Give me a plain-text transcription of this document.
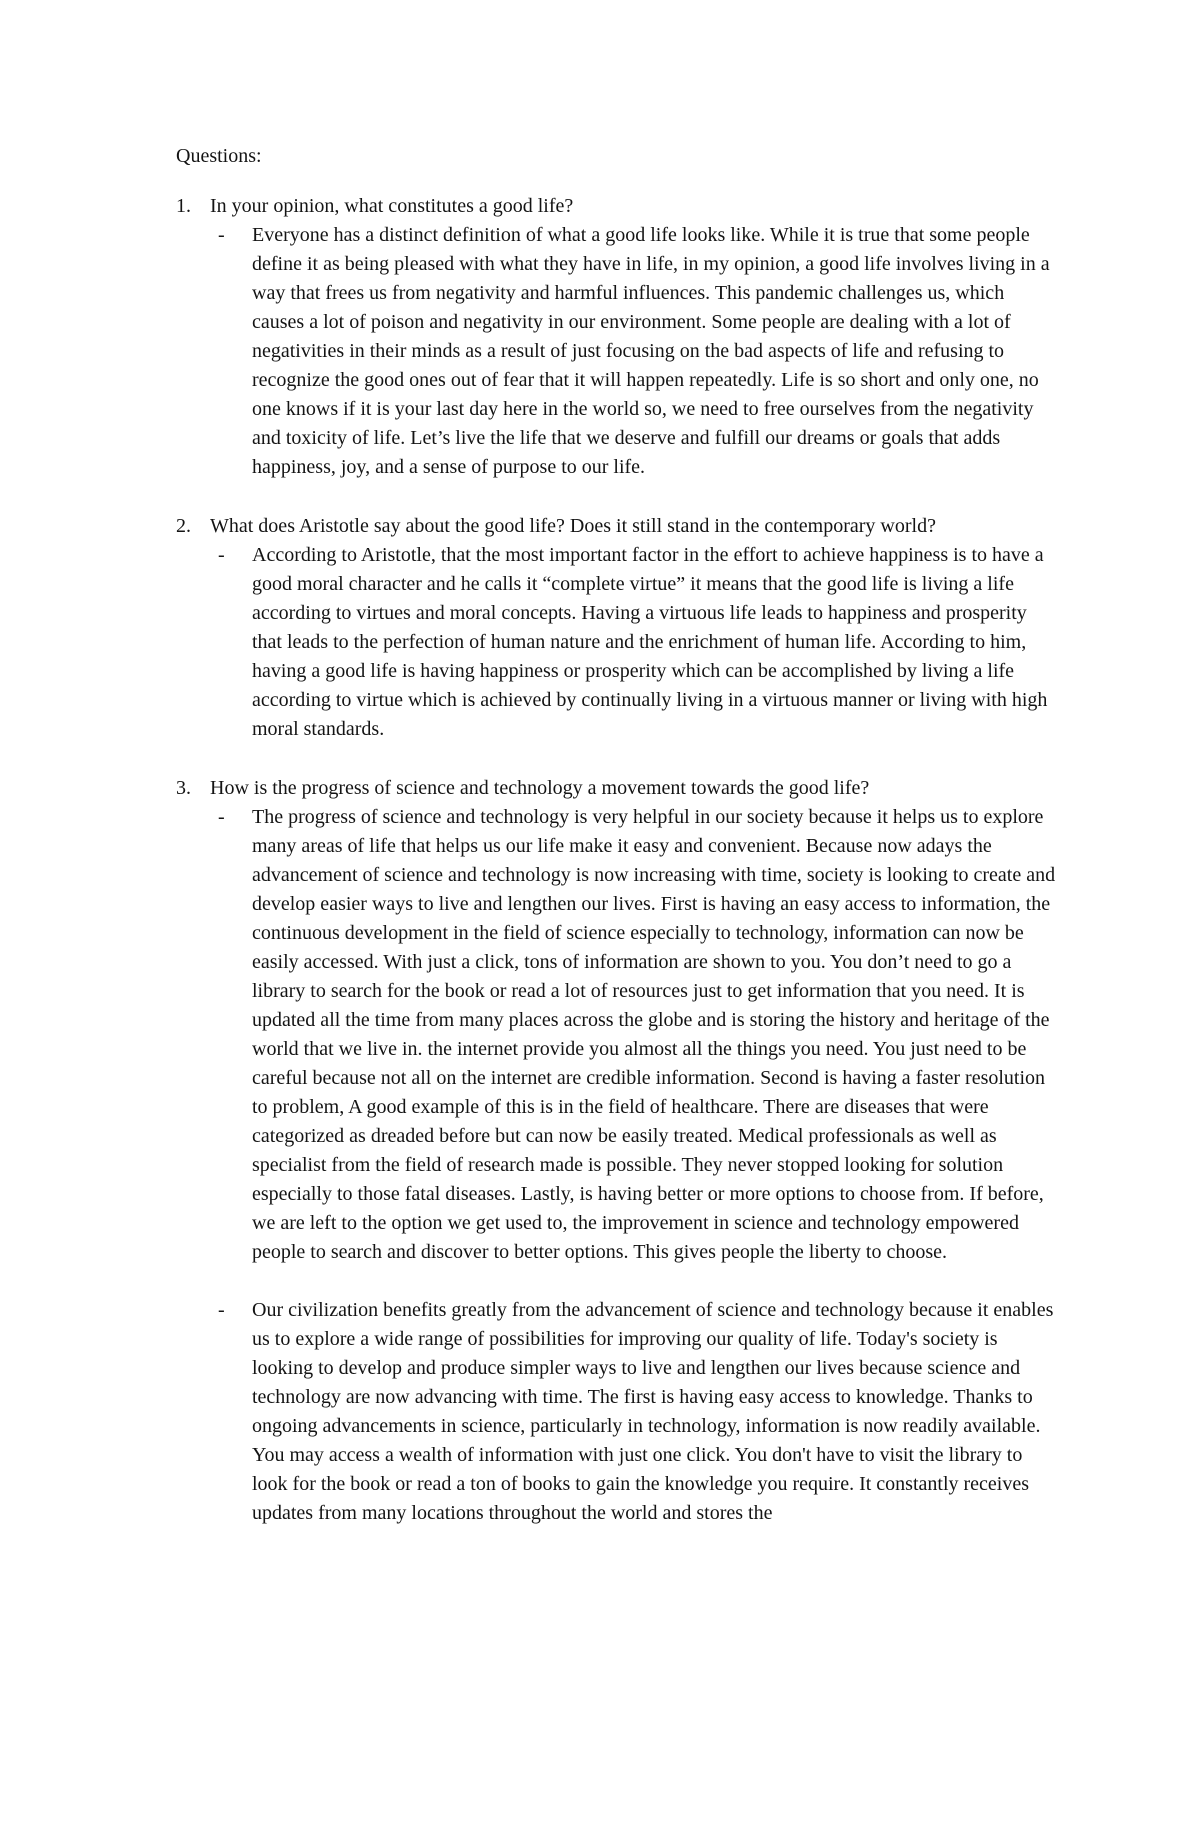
Questions:

1. In your opinion, what constitutes a good life?
- Everyone has a distinct definition of what a good life looks like. While it is true that some people define it as being pleased with what they have in life, in my opinion, a good life involves living in a way that frees us from negativity and harmful influences. This pandemic challenges us, which causes a lot of poison and negativity in our environment. Some people are dealing with a lot of negativities in their minds as a result of just focusing on the bad aspects of life and refusing to recognize the good ones out of fear that it will happen repeatedly. Life is so short and only one, no one knows if it is your last day here in the world so, we need to free ourselves from the negativity and toxicity of life. Let’s live the life that we deserve and fulfill our dreams or goals that adds happiness, joy, and a sense of purpose to our life.
2. What does Aristotle say about the good life? Does it still stand in the contemporary world?
- According to Aristotle, that the most important factor in the effort to achieve happiness is to have a good moral character and he calls it “complete virtue” it means that the good life is living a life according to virtues and moral concepts. Having a virtuous life leads to happiness and prosperity that leads to the perfection of human nature and the enrichment of human life. According to him, having a good life is having happiness or prosperity which can be accomplished by living a life according to virtue which is achieved by continually living in a virtuous manner or living with high moral standards.
3. How is the progress of science and technology a movement towards the good life?
- The progress of science and technology is very helpful in our society because it helps us to explore many areas of life that helps us our life make it easy and convenient. Because now adays the advancement of science and technology is now increasing with time, society is looking to create and develop easier ways to live and lengthen our lives. First is having an easy access to information, the continuous development in the field of science especially to technology, information can now be easily accessed. With just a click, tons of information are shown to you. You don’t need to go a library to search for the book or read a lot of resources just to get information that you need. It is updated all the time from many places across the globe and is storing the history and heritage of the world that we live in. the internet provide you almost all the things you need. You just need to be careful because not all on the internet are credible information. Second is having a faster resolution to problem, A good example of this is in the field of healthcare. There are diseases that were categorized as dreaded before but can now be easily treated. Medical professionals as well as specialist from the field of research made is possible. They never stopped looking for solution especially to those fatal diseases. Lastly, is having better or more options to choose from. If before, we are left to the option we get used to, the improvement in science and technology empowered people to search and discover to better options. This gives people the liberty to choose.
- Our civilization benefits greatly from the advancement of science and technology because it enables us to explore a wide range of possibilities for improving our quality of life. Today's society is looking to develop and produce simpler ways to live and lengthen our lives because science and technology are now advancing with time. The first is having easy access to knowledge. Thanks to ongoing advancements in science, particularly in technology, information is now readily available. You may access a wealth of information with just one click. You don't have to visit the library to look for the book or read a ton of books to gain the knowledge you require. It constantly receives updates from many locations throughout the world and stores the
